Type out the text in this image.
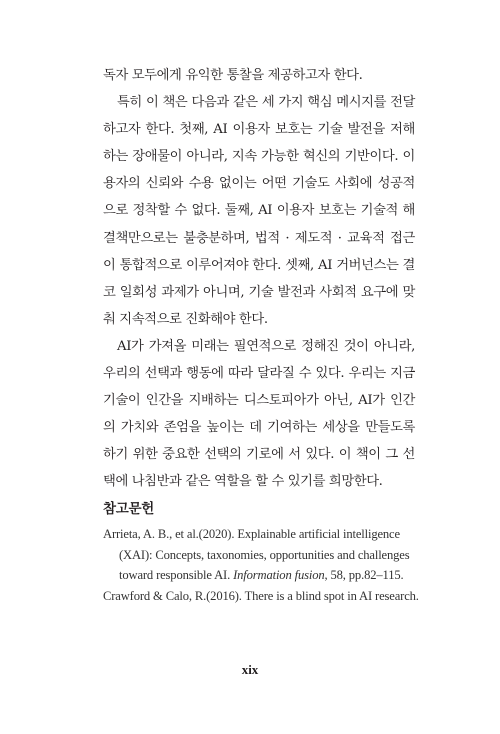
독자 모두에게 유익한 통찰을 제공하고자 한다.

특히 이 책은 다음과 같은 세 가지 핵심 메시지를 전달하고자 한다. 첫째, AI 이용자 보호는 기술 발전을 저해하는 장애물이 아니라, 지속 가능한 혁신의 기반이다. 이용자의 신뢰와 수용 없이는 어떤 기술도 사회에 성공적으로 정착할 수 없다. 둘째, AI 이용자 보호는 기술적 해결책만으로는 불충분하며, 법적 · 제도적 · 교육적 접근이 통합적으로 이루어져야 한다. 셋째, AI 거버넌스는 결코 일회성 과제가 아니며, 기술 발전과 사회적 요구에 맞춰 지속적으로 진화해야 한다.

AI가 가져올 미래는 필연적으로 정해진 것이 아니라, 우리의 선택과 행동에 따라 달라질 수 있다. 우리는 지금 기술이 인간을 지배하는 디스토피아가 아닌, AI가 인간의 가치와 존엄을 높이는 데 기여하는 세상을 만들도록 하기 위한 중요한 선택의 기로에 서 있다. 이 책이 그 선택에 나침반과 같은 역할을 할 수 있기를 희망한다.

참고문헌
Arrieta, A. B., et al.(2020). Explainable artificial intelligence
(XAI): Concepts, taxonomies, opportunities and challenges
toward responsible AI. Information fusion, 58, pp.82–115.
Crawford & Calo, R.(2016). There is a blind spot in AI research.
xix
